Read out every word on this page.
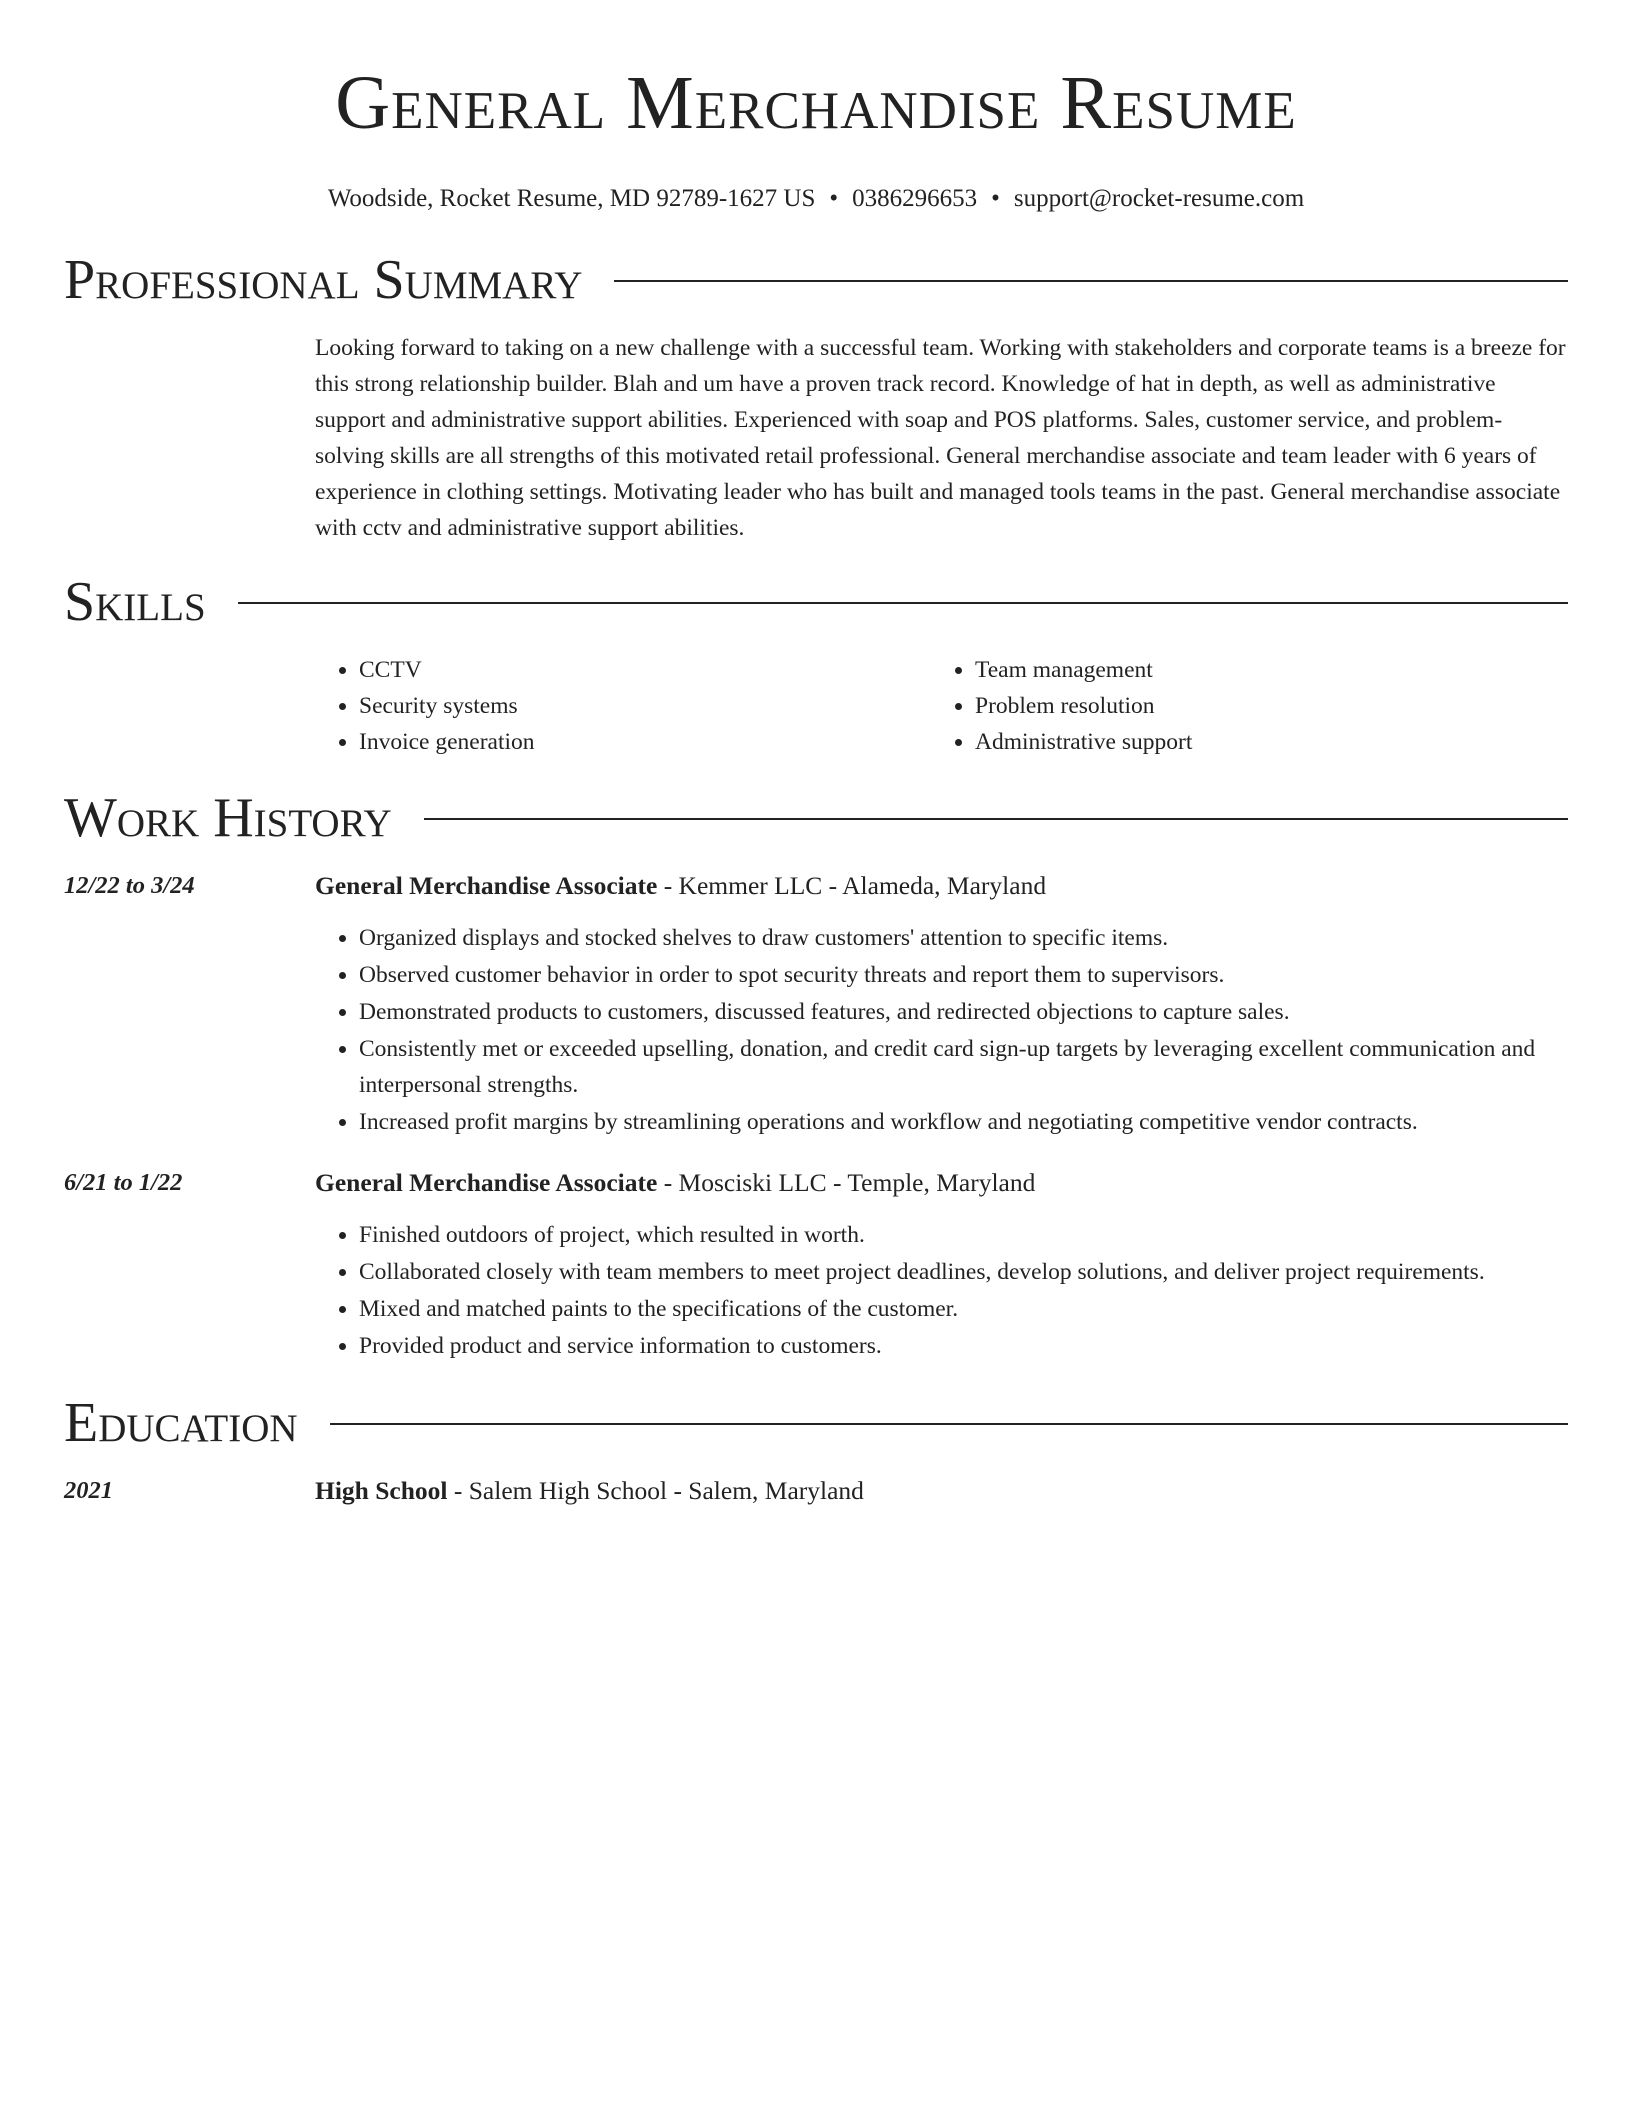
General Merchandise Resume
Woodside, Rocket Resume, MD 92789-1627 US • 0386296653 • support@rocket-resume.com
Professional Summary

Looking forward to taking on a new challenge with a successful team. Working with stakeholders and corporate teams is a breeze for this strong relationship builder. Blah and um have a proven track record. Knowledge of hat in depth, as well as administrative support and administrative support abilities. Experienced with soap and POS platforms. Sales, customer service, and problem-solving skills are all strengths of this motivated retail professional. General merchandise associate and team leader with 6 years of experience in clothing settings. Motivating leader who has built and managed tools teams in the past. General merchandise associate with cctv and administrative support abilities.

Skills
• CCTV
• Security systems
• Invoice generation
• Team management
• Problem resolution
• Administrative support
Work History
12/22 to 3/24	General Merchandise Associate - Kemmer LLC - Alameda, Maryland
• Organized displays and stocked shelves to draw customers' attention to specific items.
• Observed customer behavior in order to spot security threats and report them to supervisors.
• Demonstrated products to customers, discussed features, and redirected objections to capture sales.
• Consistently met or exceeded upselling, donation, and credit card sign-up targets by leveraging excellent communication and interpersonal strengths.
• Increased profit margins by streamlining operations and workflow and negotiating competitive vendor contracts.
6/21 to 1/22	General Merchandise Associate - Mosciski LLC - Temple, Maryland
• Finished outdoors of project, which resulted in worth.
• Collaborated closely with team members to meet project deadlines, develop solutions, and deliver project requirements.
• Mixed and matched paints to the specifications of the customer.
• Provided product and service information to customers.
Education
2021	High School - Salem High School - Salem, Maryland
